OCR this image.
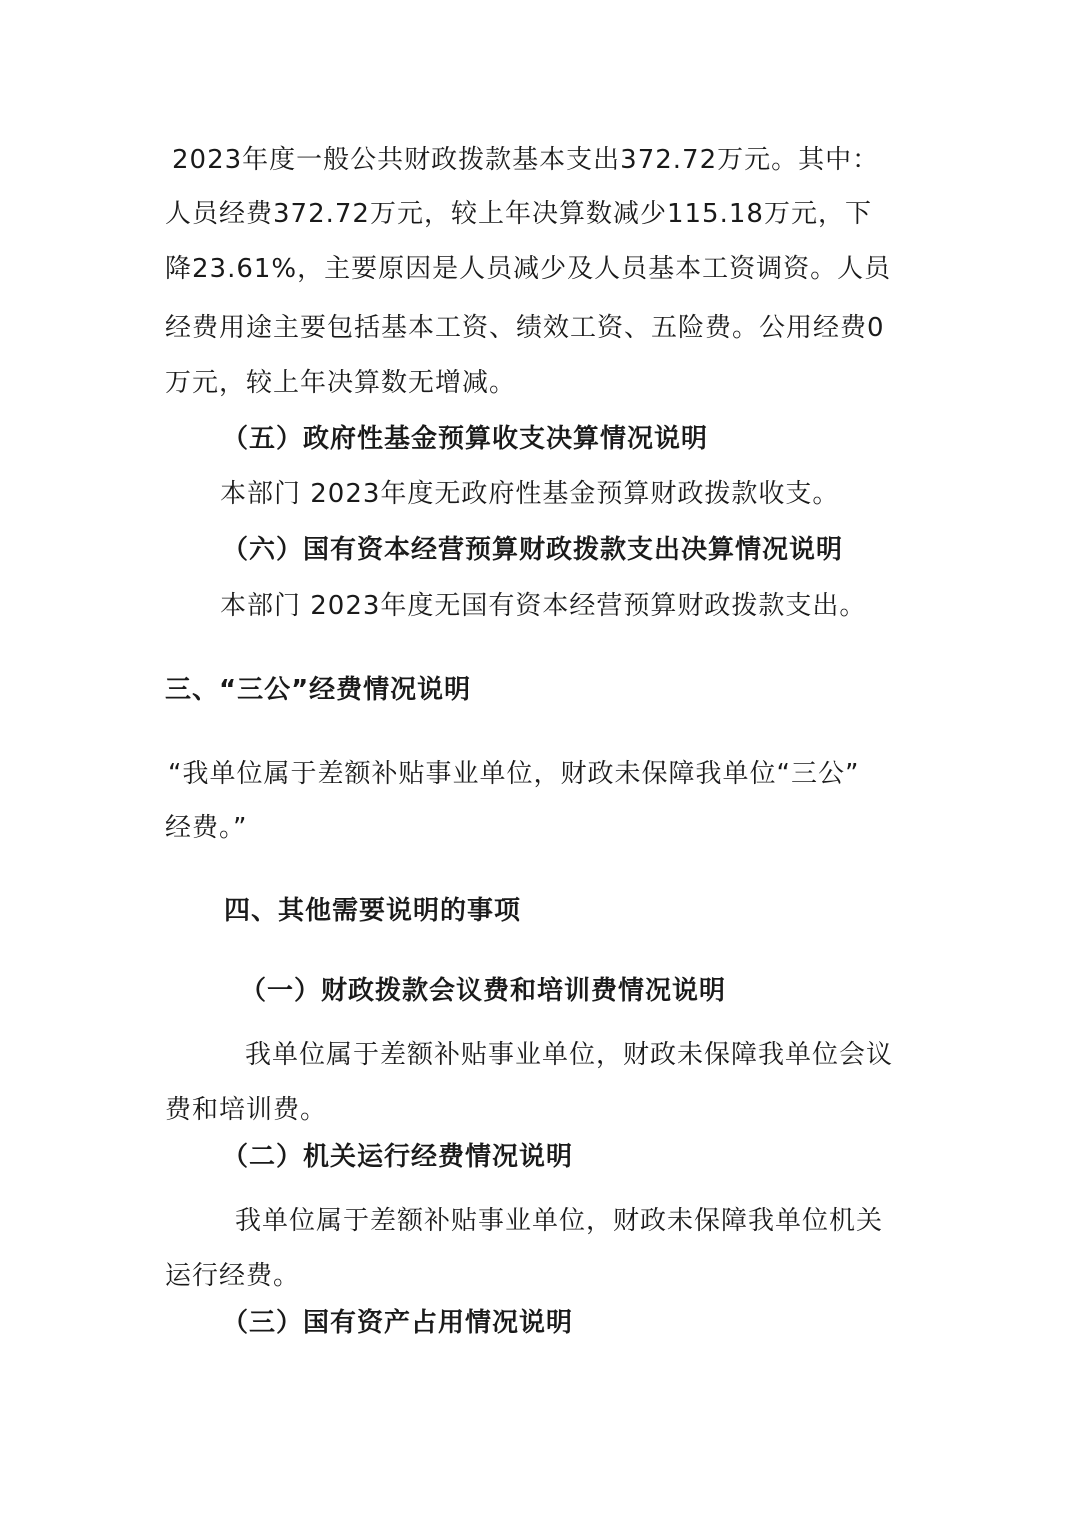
2023年度一般公共财政拨款基本支出372.72万元。其中：
人员经费372.72万元，较上年决算数减少115.18万元，下
降23.61%，主要原因是人员减少及人员基本工资调资。人员
经费用途主要包括基本工资、绩效工资、五险费。公用经费0
万元，较上年决算数无增减。
（五）政府性基金预算收支决算情况说明
本部门 2023年度无政府性基金预算财政拨款收支。
（六）国有资本经营预算财政拨款支出决算情况说明
本部门 2023年度无国有资本经营预算财政拨款支出。
三、“三公”经费情况说明
“我单位属于差额补贴事业单位，财政未保障我单位“三公”
经费。”
四、其他需要说明的事项
（一）财政拨款会议费和培训费情况说明
我单位属于差额补贴事业单位，财政未保障我单位会议
费和培训费。
（二）机关运行经费情况说明
我单位属于差额补贴事业单位，财政未保障我单位机关
运行经费。
（三）国有资产占用情况说明
